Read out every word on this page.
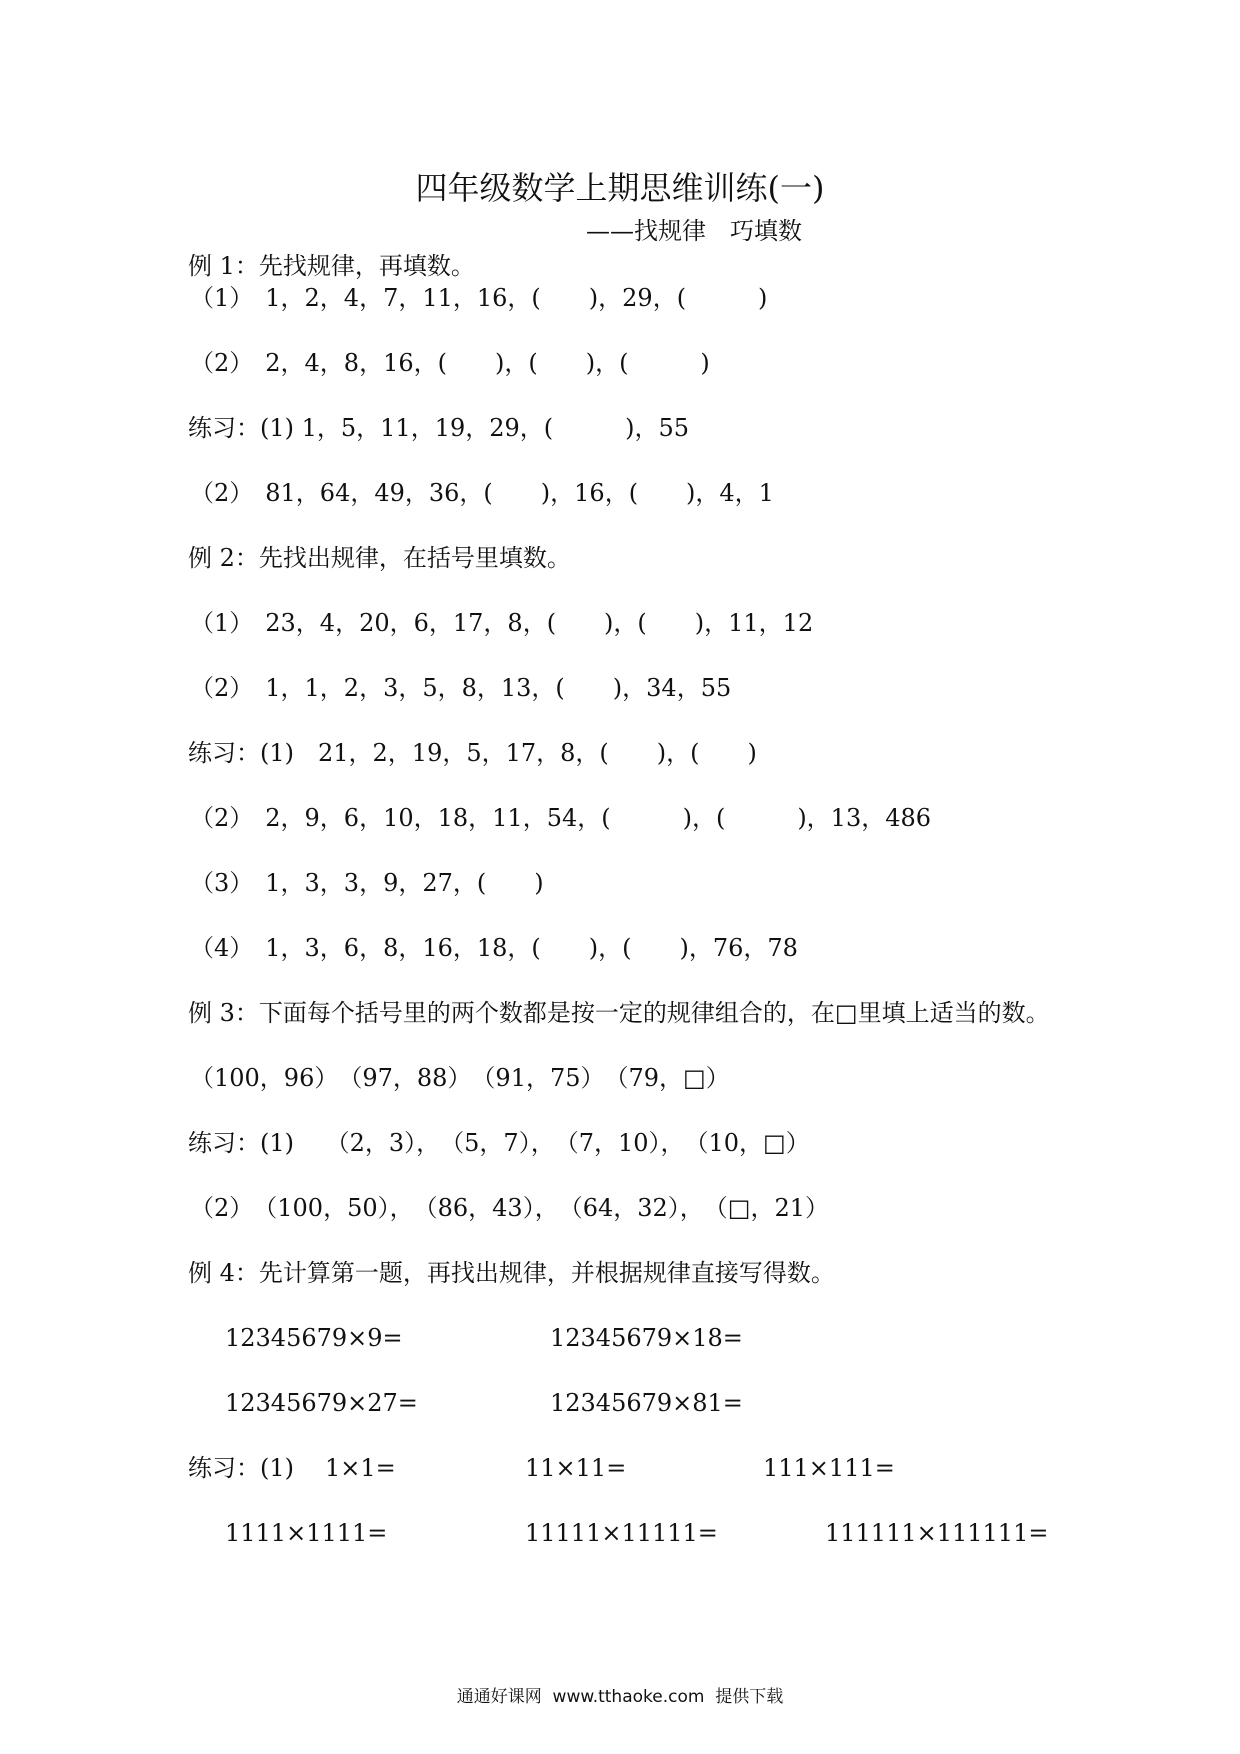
四年级数学上期思维训练(一)
——找规律　巧填数
例 1：先找规律，再填数。
（1）　1，2，4，7，11，16，(　　)，29，(　　　)
（2）　2，4，8，16，(　　)，(　　)，(　　　)
练习：(1) 1，5，11，19，29，(　　　)，55
（2）　81，64，49，36，(　　)，16，(　　)，4，1
例 2：先找出规律，在括号里填数。
（1）　23，4，20，6，17，8，(　　)，(　　)，11，12
（2）　1，1，2，3，5，8，13，(　　)，34，55
练习：(1)　21，2，19，5，17，8，(　　)，(　　)
（2）　2，9，6，10，18，11，54，(　　　)，(　　　)，13，486
（3）　1，3，3，9，27，(　　)
（4）　1，3，6，8，16，18，(　　)，(　　)，76，78
例 3：下面每个括号里的两个数都是按一定的规律组合的，在□里填上适当的数。
（100，96）　（97，88）　（91，75）　（79，□）
练习：(1)　 （2，3），　（5，7），　（7，10），　（10，□）
（2）　（100，50），　（86，43），　（64，32），　（□，21）
例 4：先计算第一题，再找出规律，并根据规律直接写得数。
12345679×9=	12345679×18=
12345679×27=	12345679×81=
练习：(1) 1×1=	11×11=	111×111=
1111×1111=	11111×11111=	111111×111111=
通通好课网  www.tthaoke.com  提供下载
